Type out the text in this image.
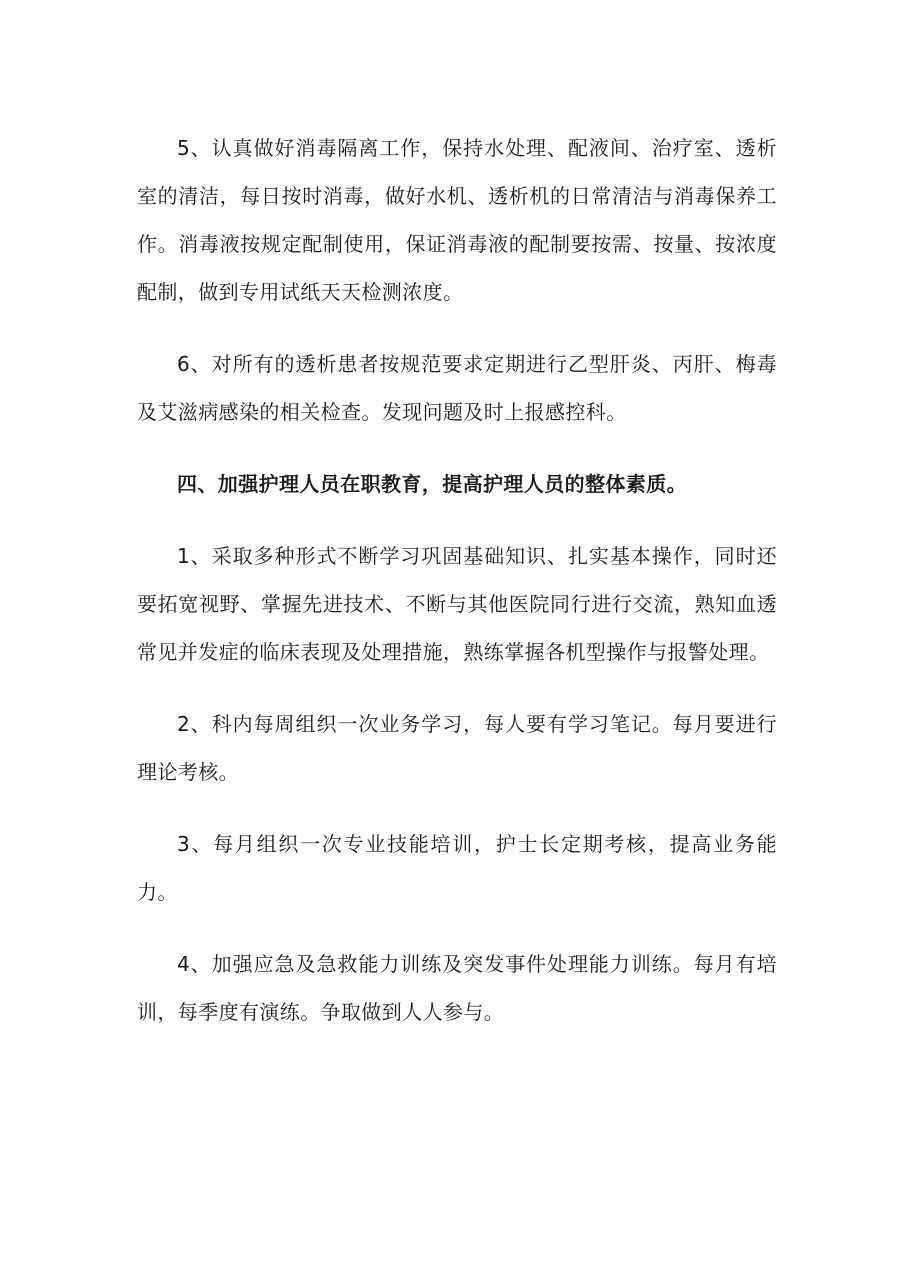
5、认真做好消毒隔离工作，保持水处理、配液间、治疗室、透析室的清洁，每日按时消毒，做好水机、透析机的日常清洁与消毒保养工作。消毒液按规定配制使用，保证消毒液的配制要按需、按量、按浓度配制，做到专用试纸天天检测浓度。

6、对所有的透析患者按规范要求定期进行乙型肝炎、丙肝、梅毒及艾滋病感染的相关检查。发现问题及时上报感控科。

四、加强护理人员在职教育，提高护理人员的整体素质。

1、采取多种形式不断学习巩固基础知识、扎实基本操作，同时还要拓宽视野、掌握先进技术、不断与其他医院同行进行交流，熟知血透常见并发症的临床表现及处理措施，熟练掌握各机型操作与报警处理。

2、科内每周组织一次业务学习，每人要有学习笔记。每月要进行理论考核。

3、每月组织一次专业技能培训，护士长定期考核，提高业务能力。

4、加强应急及急救能力训练及突发事件处理能力训练。每月有培训，每季度有演练。争取做到人人参与。
